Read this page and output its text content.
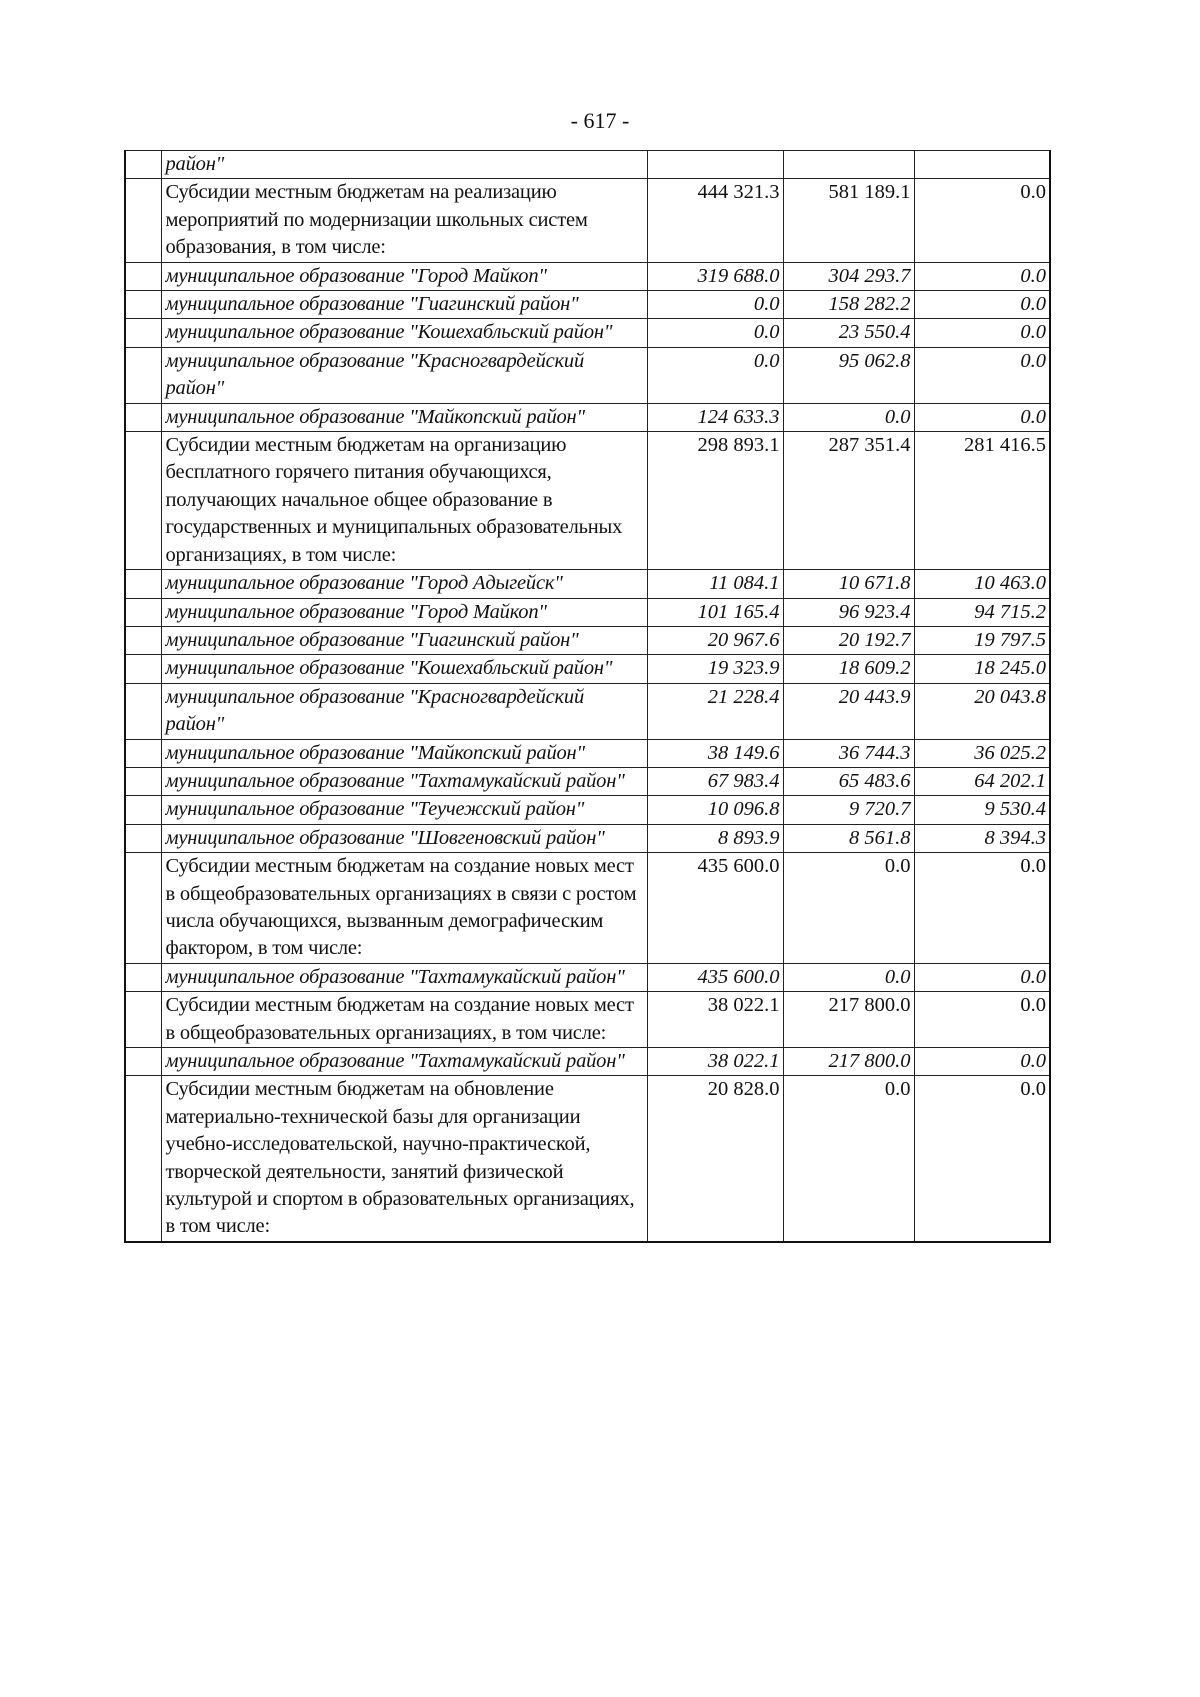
- 617 -
	район"			
	Субсидии местным бюджетам на реализацию мероприятий по модернизации школьных систем образования, в том числе:	444 321.3	581 189.1	0.0
	муниципальное образование "Город Майкоп"	319 688.0	304 293.7	0.0
	муниципальное образование "Гиагинский район"	0.0	158 282.2	0.0
	муниципальное образование "Кошехабльский район"	0.0	23 550.4	0.0
	муниципальное образование "Красногвардейский район"	0.0	95 062.8	0.0
	муниципальное образование "Майкопский район"	124 633.3	0.0	0.0
	Субсидии местным бюджетам на организацию бесплатного горячего питания обучающихся, получающих начальное общее образование в государственных и муниципальных образовательных организациях, в том числе:	298 893.1	287 351.4	281 416.5
	муниципальное образование "Город Адыгейск"	11 084.1	10 671.8	10 463.0
	муниципальное образование "Город Майкоп"	101 165.4	96 923.4	94 715.2
	муниципальное образование "Гиагинский район"	20 967.6	20 192.7	19 797.5
	муниципальное образование "Кошехабльский район"	19 323.9	18 609.2	18 245.0
	муниципальное образование "Красногвардейский район"	21 228.4	20 443.9	20 043.8
	муниципальное образование "Майкопский район"	38 149.6	36 744.3	36 025.2
	муниципальное образование "Тахтамукайский район"	67 983.4	65 483.6	64 202.1
	муниципальное образование "Теучежский район"	10 096.8	9 720.7	9 530.4
	муниципальное образование "Шовгеновский район"	8 893.9	8 561.8	8 394.3
	Субсидии местным бюджетам на создание новых мест в общеобразовательных организациях в связи с ростом числа обучающихся, вызванным демографическим фактором, в том числе:	435 600.0	0.0	0.0
	муниципальное образование "Тахтамукайский район"	435 600.0	0.0	0.0
	Субсидии местным бюджетам на создание новых мест в общеобразовательных организациях, в том числе:	38 022.1	217 800.0	0.0
	муниципальное образование "Тахтамукайский район"	38 022.1	217 800.0	0.0
	Субсидии местным бюджетам на обновление материально-технической базы для организации учебно-исследовательской, научно-практической, творческой деятельности, занятий физической культурой и спортом в образовательных организациях, в том числе:	20 828.0	0.0	0.0
